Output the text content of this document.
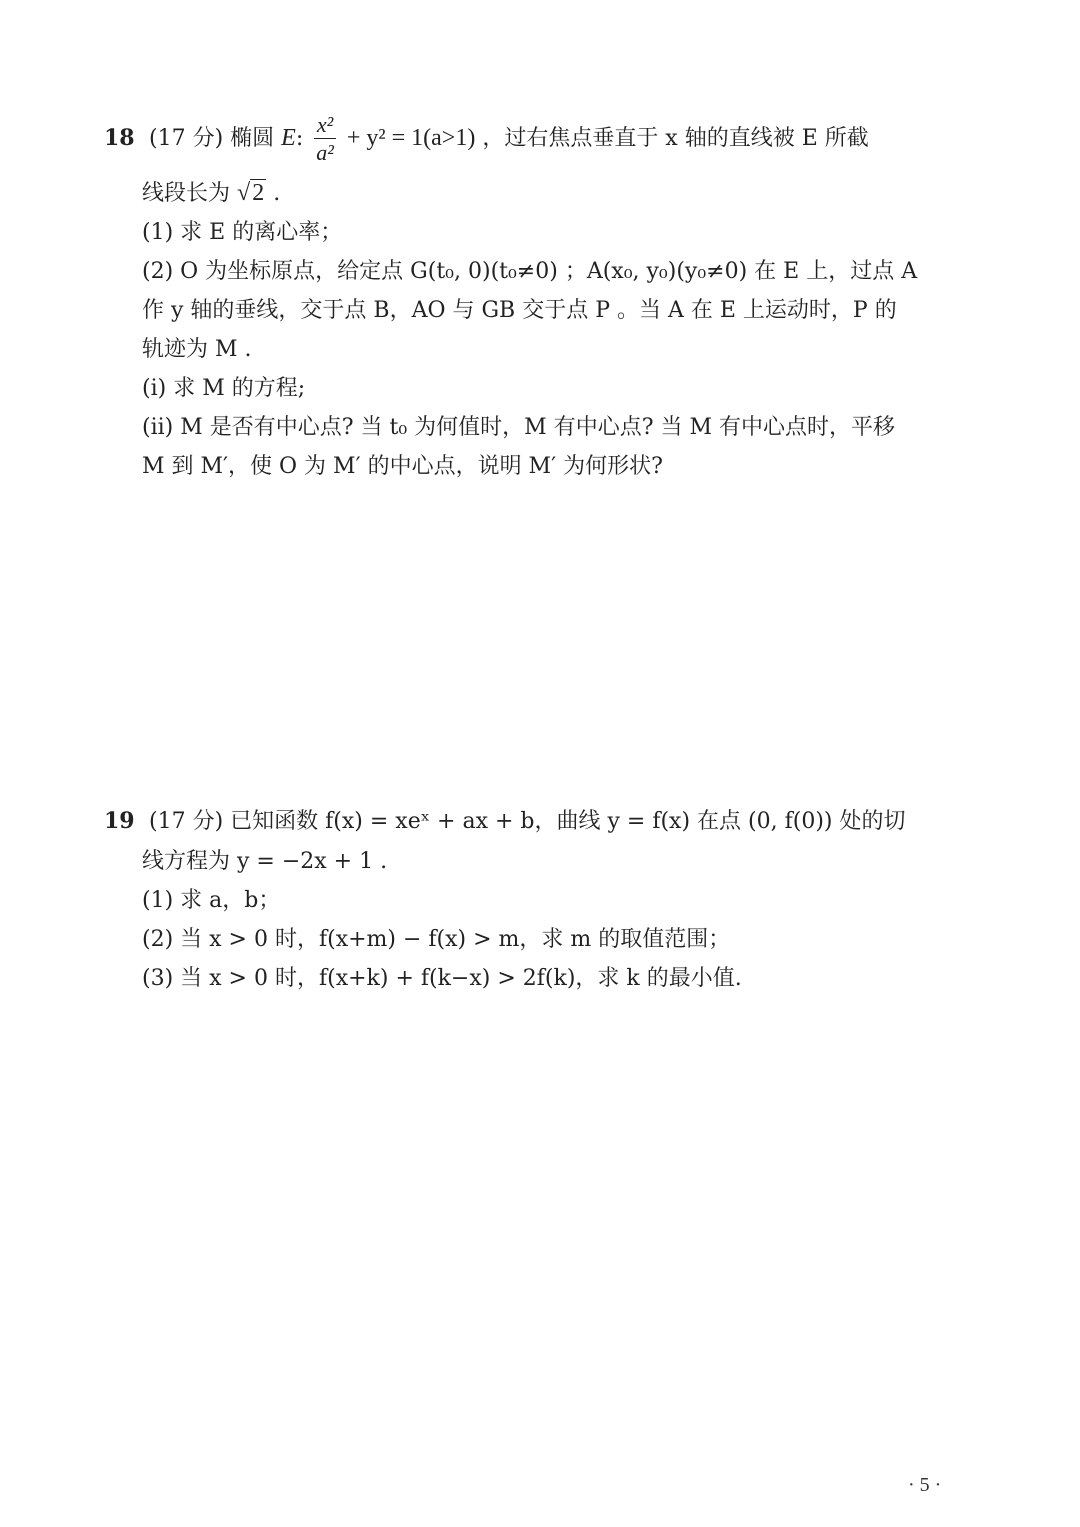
18 (17 分) 椭圆 E: $\frac{\text{x²}}{\text{a²}} + y^2 = 1(a>1)$ ，过右焦点垂直于 x 轴的直线被 E 所截
线段长为 √2 .
(1) 求 E 的离心率；
(2) O 为坐标原点，给定点 G(t₀, 0)(t₀≠0) ；A(x₀, y₀)(y₀≠0) 在 E 上，过点 A
作 y 轴的垂线，交于点 B，AO 与 GB 交于点 P 。当 A 在 E 上运动时，P 的
轨迹为 M .
(i) 求 M 的方程;
(ii) M 是否有中心点? 当 t₀ 为何值时，M 有中心点? 当 M 有中心点时，平移
M 到 M′，使 O 为 M′ 的中心点，说明 M′ 为何形状?
19 (17 分) 已知函数 f(x) = xeˣ + ax + b，曲线 y = f(x) 在点 (0, f(0)) 处的切
线方程为 y = −2x + 1 .
(1) 求 a，b；
(2) 当 x > 0 时，f(x+m) − f(x) > m，求 m 的取值范围；
(3) 当 x > 0 时，f(x+k) + f(k−x) > 2f(k)，求 k 的最小值.
· 5 ·
